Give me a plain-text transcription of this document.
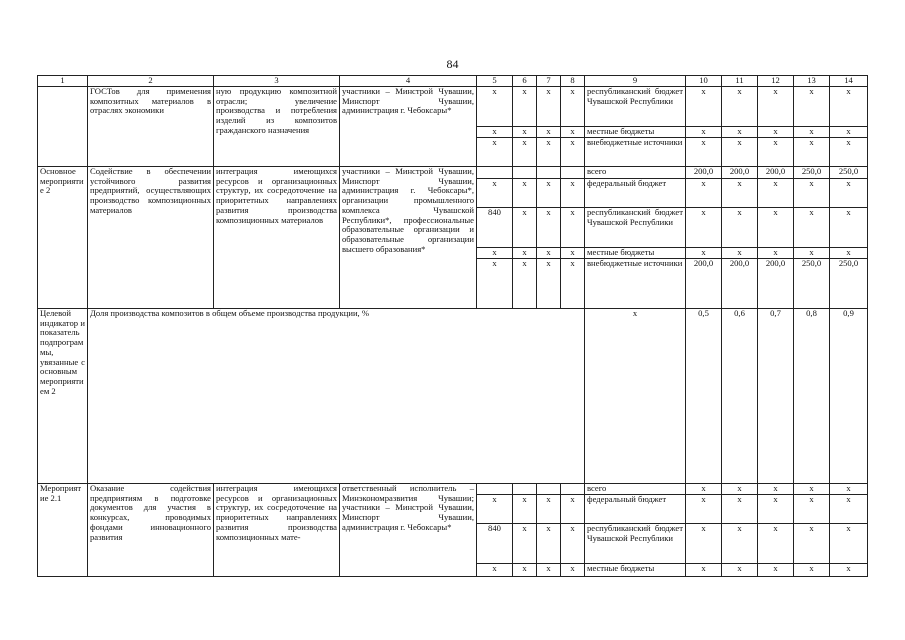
84
1	2	3	4	5	6	7	8	9	10	11	12	13	14
	ГОСТов для применения композитных материалов в отраслях экономики	ную продукцию композитной отрасли; увеличение производства и потребления изделий из композитов гражданского назначения	участники – Минстрой Чувашии, Минспорт Чувашии, администрация г. Чебоксары*	x	x	x	x	республиканский бюджет Чувашской Республики	x	x	x	x	x
				x	x	x	x	местные бюджеты	x	x	x	x	x
				x	x	x	x	внебюджетные источники	x	x	x	x	x
Основное мероприятие 2	Содействие в обеспечении устойчивого развития предприятий, осуществляющих производство композиционных материалов	интеграция имеющихся ресурсов и организационных структур, их сосредоточение на приоритетных направлениях развития производства композиционных материалов	участники – Минстрой Чувашии, Минспорт Чувашии, администрация г. Чебоксары*, организации промышленного комплекса Чувашской Республики*, профессиональные образовательные организации и образовательные организации высшего образования*					всего	200,0	200,0	200,0	250,0	250,0
				x	x	x	x	федеральный бюджет	x	x	x	x	x
				840	x	x	x	республиканский бюджет Чувашской Республики	x	x	x	x	x
				x	x	x	x	местные бюджеты	x	x	x	x	x
				x	x	x	x	внебюджетные источники	200,0	200,0	200,0	250,0	250,0
Целевой индикатор и показатель подпрограммы, увязанные с основным мероприятием 2	Доля производства композитов в общем объеме производства продукции, %							x	0,5	0,6	0,7	0,8	0,9
Мероприятие 2.1	Оказание содействия предприятиям в подготовке документов для участия в конкурсах, проводимых фондами инновационного развития	интеграция имеющихся ресурсов и организационных структур, их сосредоточение на приоритетных направлениях развития производства композиционных мате-	ответственный исполнитель – Минэкономразвития Чувашии; участники – Минстрой Чувашии, Минспорт Чувашии, администрация г. Чебоксары*					всего	x	x	x	x	x
				x	x	x	x	федеральный бюджет	x	x	x	x	x
				840	x	x	x	республиканский бюджет Чувашской Республики	x	x	x	x	x
				x	x	x	x	местные бюджеты	x	x	x	x	x
